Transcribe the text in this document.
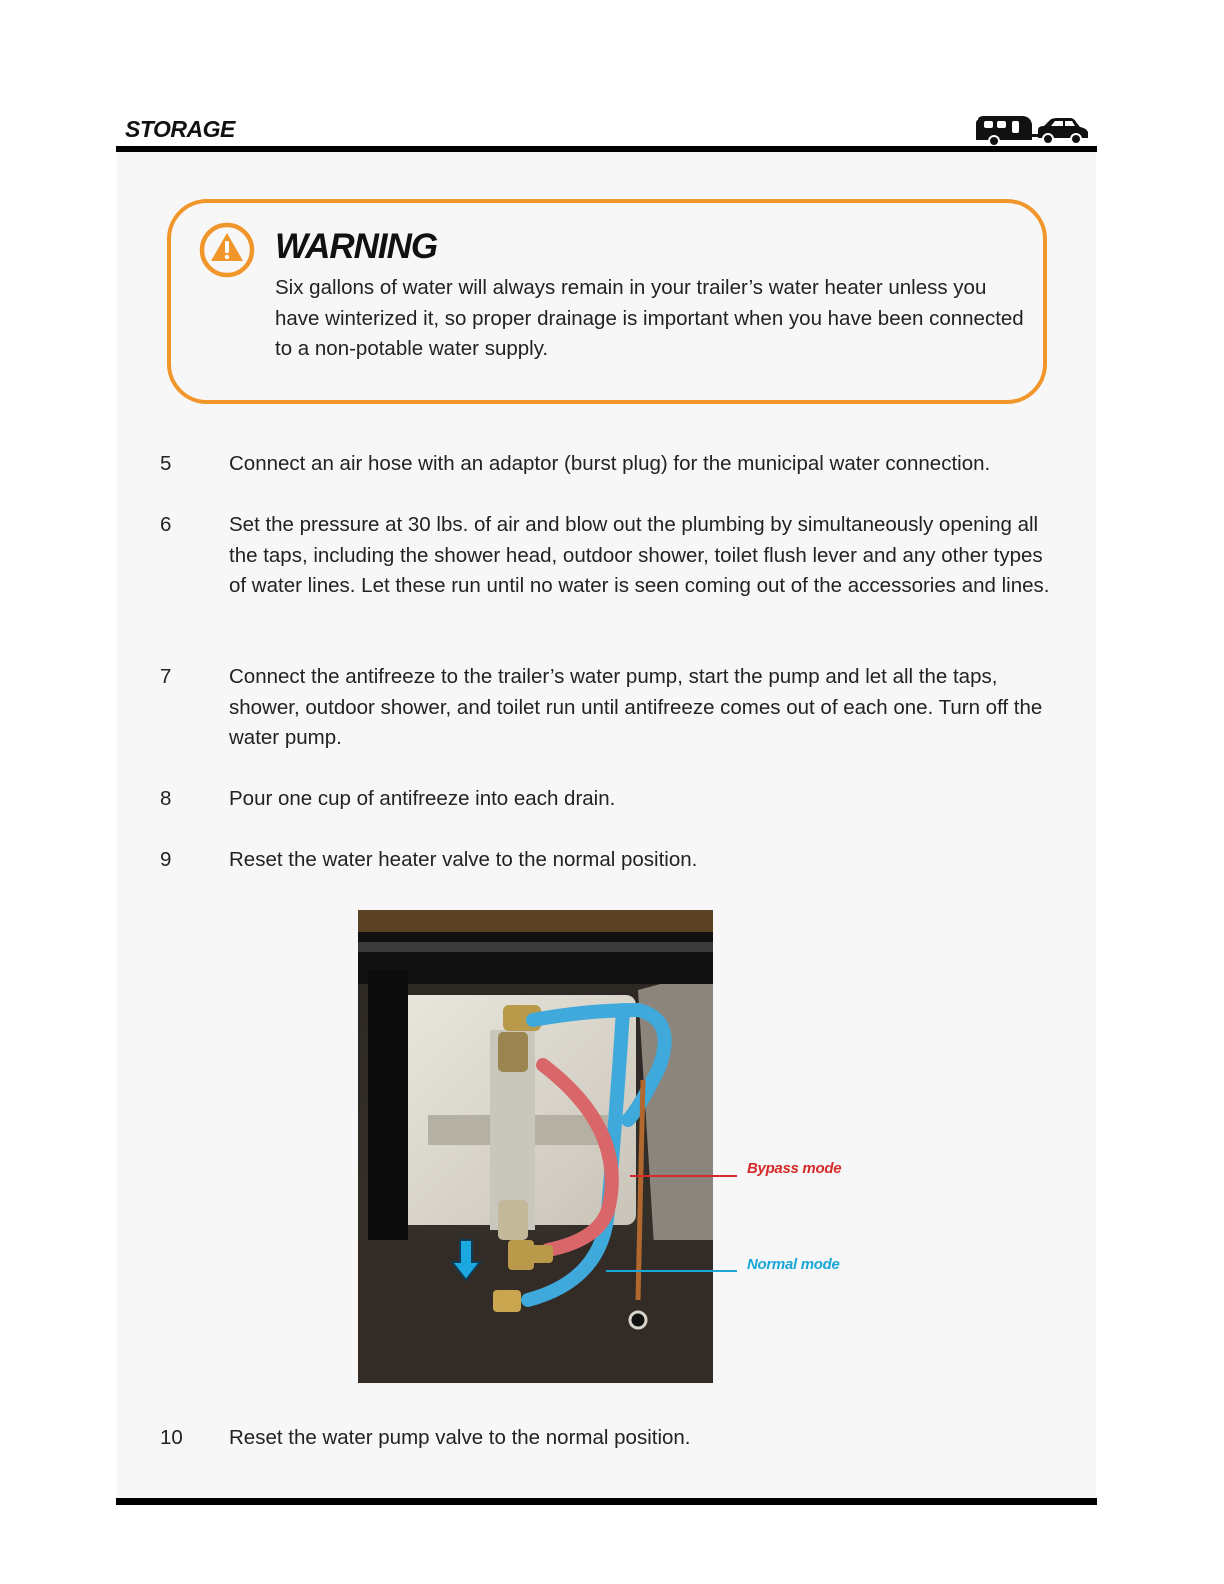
STORAGE
WARNING
Six gallons of water will always remain in your trailer’s water heater unless you have winterized it, so proper drainage is important when you have been connected to a non-potable water supply.
5	Connect an air hose with an adaptor (burst plug) for the municipal water connection.
6	Set the pressure at 30 lbs. of air and blow out the plumbing by simultaneously opening all the taps, including the shower head, outdoor shower, toilet flush lever and any other types of water lines. Let these run until no water is seen coming out of the accessories and lines.
7	Connect the antifreeze to the trailer’s water pump, start the pump and let all the taps, shower, outdoor shower, and toilet run until antifreeze comes out of each one. Turn off the water pump.
8	Pour one cup of antifreeze into each drain.
9	Reset the water heater valve to the normal position.
Bypass mode
Normal mode
10	Reset the water pump valve to the normal position.
